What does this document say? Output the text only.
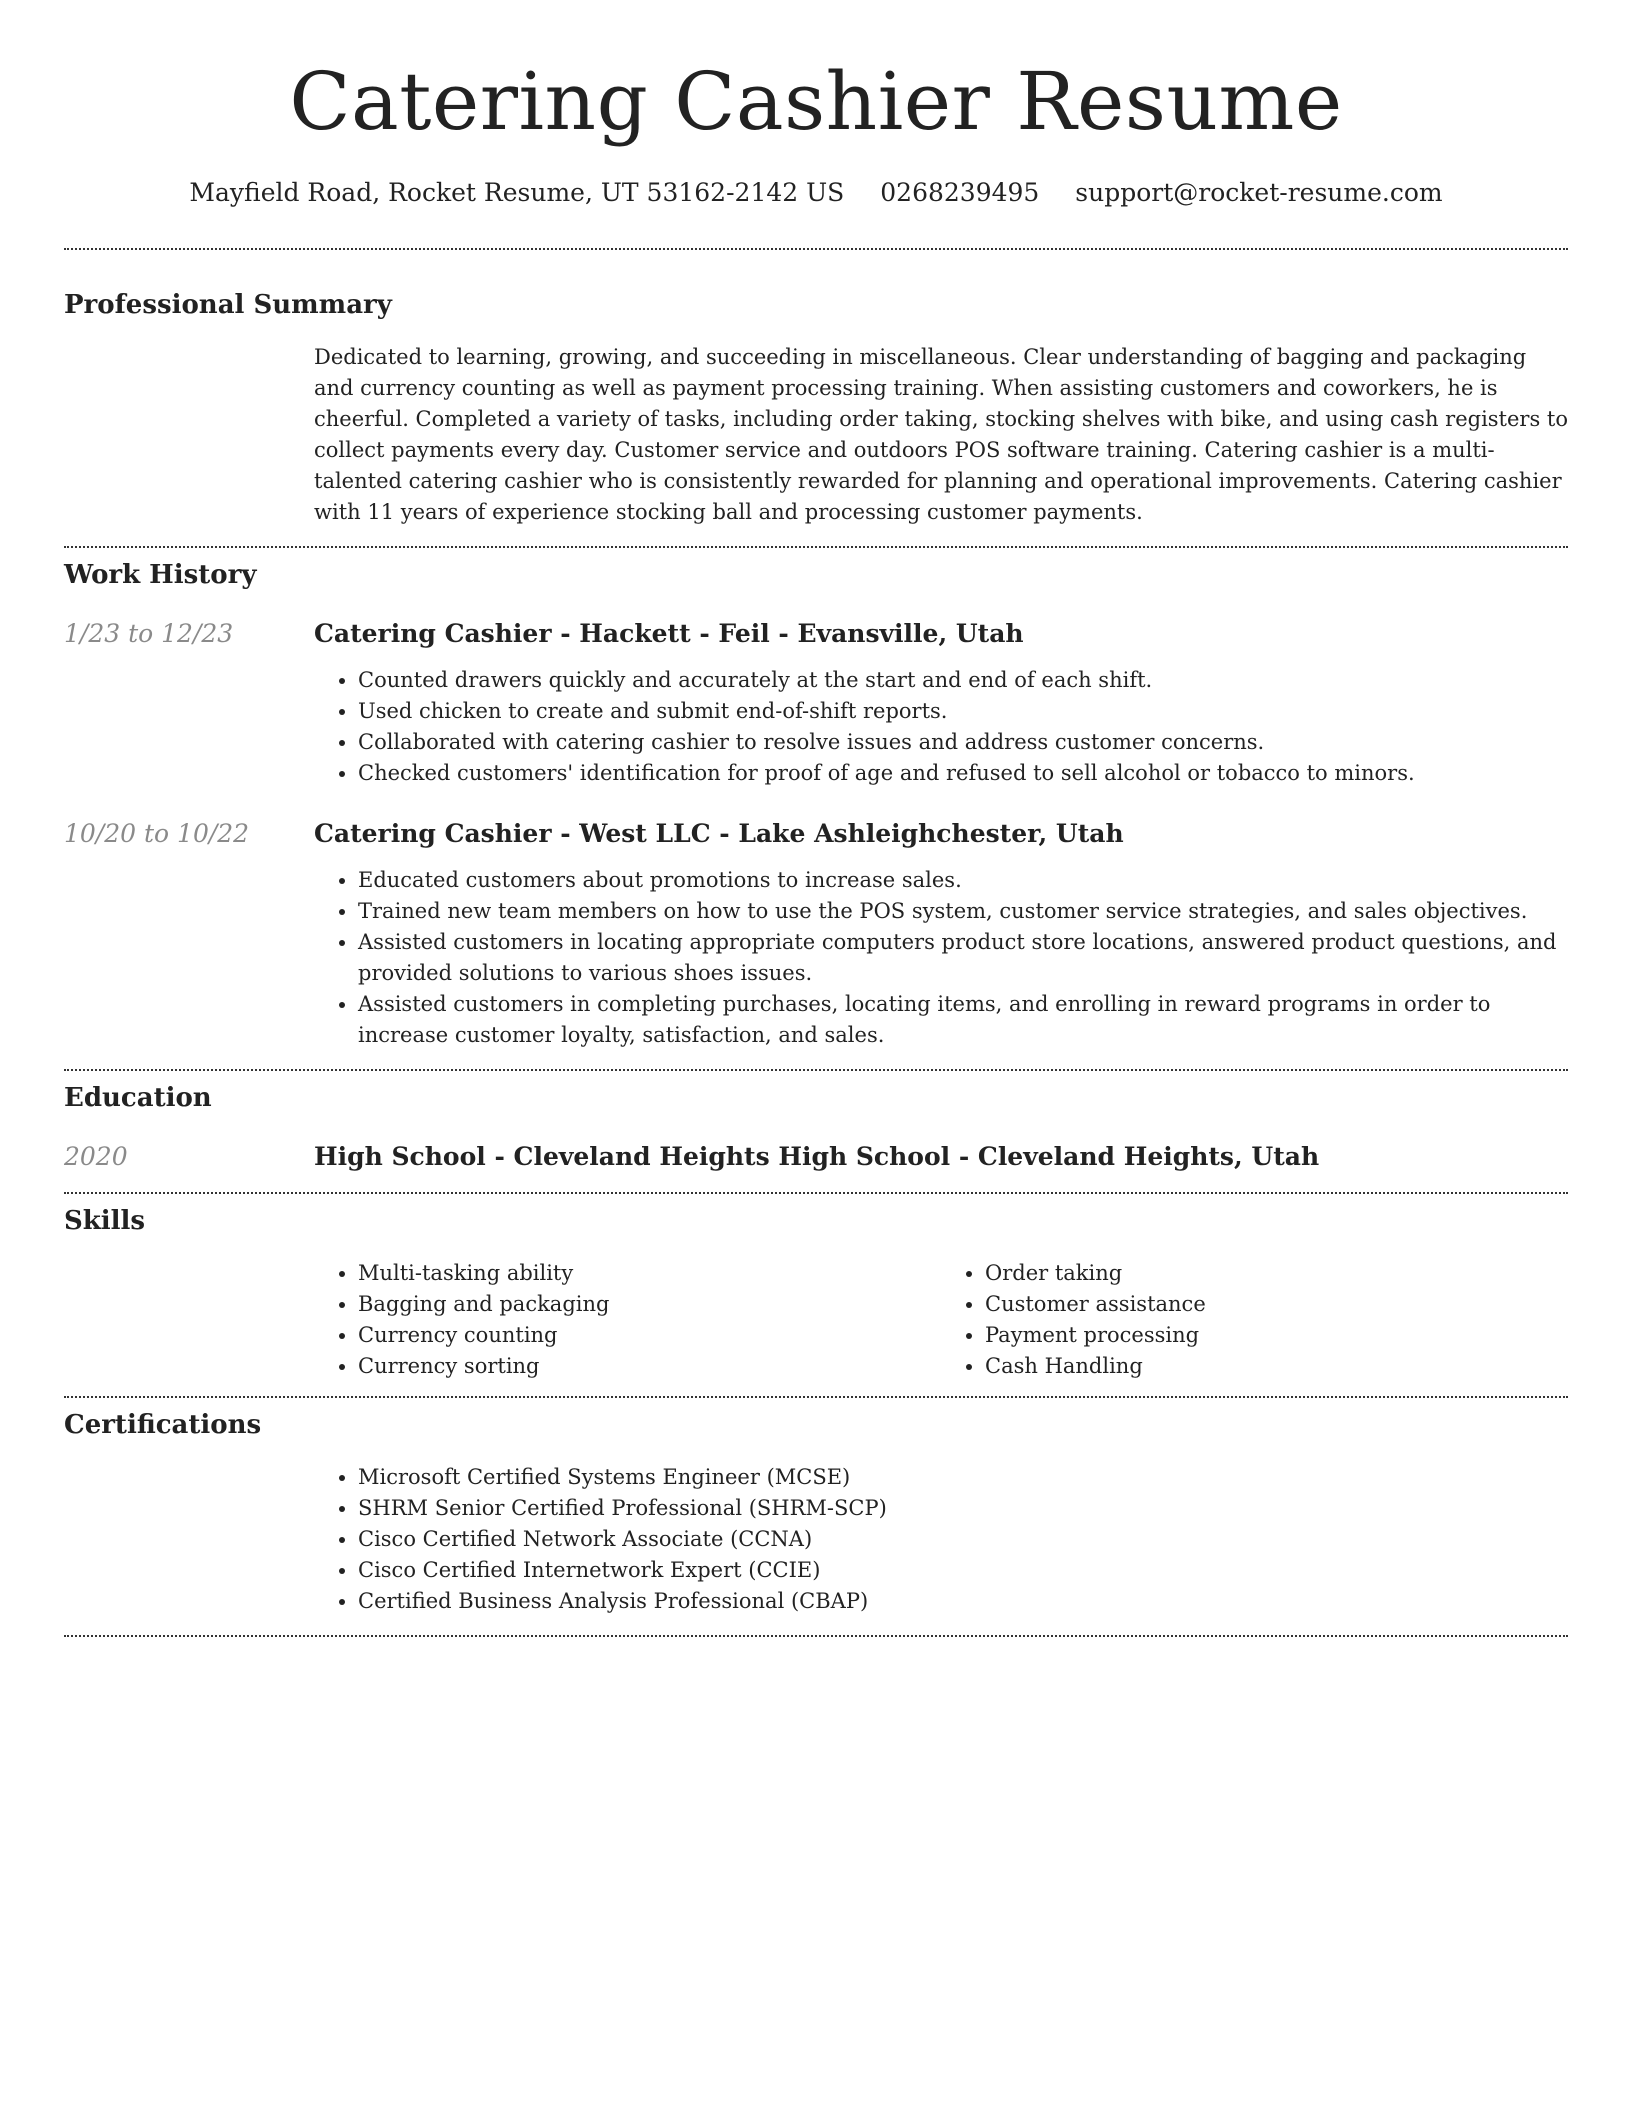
Catering Cashier Resume
Mayfield Road, Rocket Resume, UT 53162-2142 US 0268239495 support@rocket-resume.com
Professional Summary

Dedicated to learning, growing, and succeeding in miscellaneous. Clear understanding of bagging and packaging and currency counting as well as payment processing training. When assisting customers and coworkers, he is cheerful. Completed a variety of tasks, including order taking, stocking shelves with bike, and using cash registers to collect payments every day. Customer service and outdoors POS software training. Catering cashier is a multi-talented catering cashier who is consistently rewarded for planning and operational improvements. Catering cashier with 11 years of experience stocking ball and processing customer payments.

Work History
1/23 to 12/23	Catering Cashier - Hackett - Feil - Evansville, Utah
• Counted drawers quickly and accurately at the start and end of each shift.
• Used chicken to create and submit end-of-shift reports.
• Collaborated with catering cashier to resolve issues and address customer concerns.
• Checked customers' identification for proof of age and refused to sell alcohol or tobacco to minors.
10/20 to 10/22	Catering Cashier - West LLC - Lake Ashleighchester, Utah
• Educated customers about promotions to increase sales.
• Trained new team members on how to use the POS system, customer service strategies, and sales objectives.
• Assisted customers in locating appropriate computers product store locations, answered product questions, and provided solutions to various shoes issues.
• Assisted customers in completing purchases, locating items, and enrolling in reward programs in order to increase customer loyalty, satisfaction, and sales.
Education
2020	High School - Cleveland Heights High School - Cleveland Heights, Utah
Skills
• Multi-tasking ability
• Bagging and packaging
• Currency counting
• Currency sorting
• Order taking
• Customer assistance
• Payment processing
• Cash Handling
Certifications
• Microsoft Certified Systems Engineer (MCSE)
• SHRM Senior Certified Professional (SHRM-SCP)
• Cisco Certified Network Associate (CCNA)
• Cisco Certified Internetwork Expert (CCIE)
• Certified Business Analysis Professional (CBAP)
